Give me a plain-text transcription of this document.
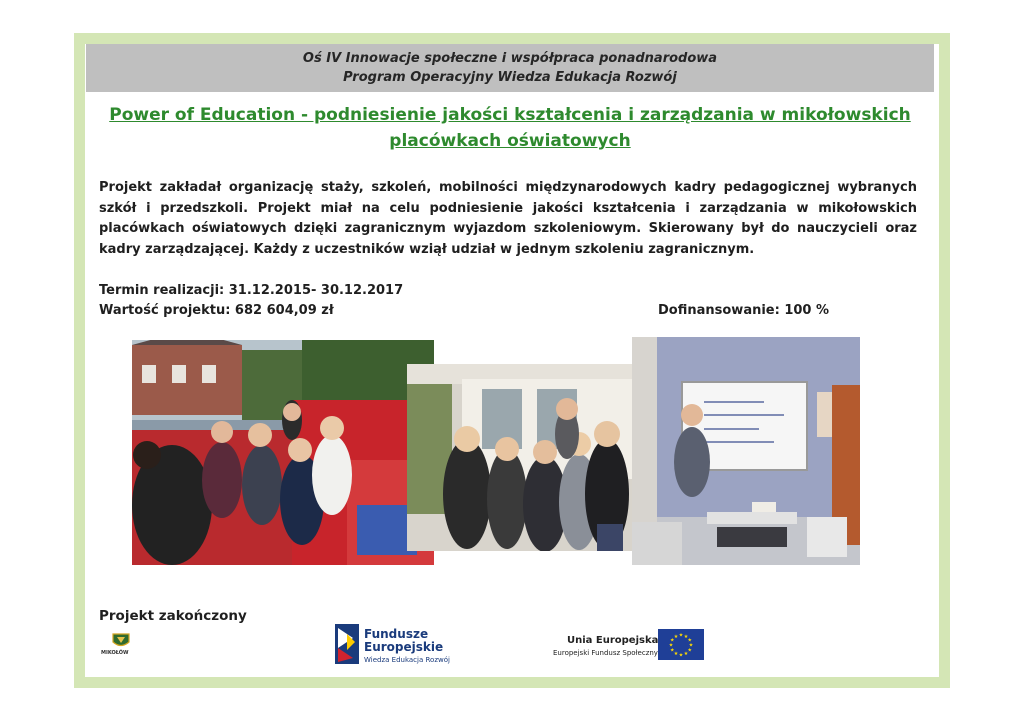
Oś IV Innowacje społeczne i współpraca ponadnarodowa
Program Operacyjny Wiedza Edukacja Rozwój
Power of Education - podniesienie jakości kształcenia i zarządzania w mikołowskich
placówkach oświatowych
Projekt zakładał organizację staży, szkoleń, mobilności międzynarodowych kadry pedagogicznej wybranych szkół i przedszkoli. Projekt miał na celu podniesienie jakości kształcenia i zarządzania w mikołowskich placówkach oświatowych dzięki zagranicznym wyjazdom szkoleniowym. Skierowany był do nauczycieli oraz kadry zarządzającej. Każdy z uczestników wziął udział w jednym szkoleniu zagranicznym.
Termin realizacji: 31.12.2015- 30.12.2017
Wartość projektu: 682 604,09 zł	Dofinansowanie: 100 %
Projekt zakończony
MIKOŁÓW
Fundusze
Europejskie
Wiedza Edukacja Rozwój
Unia Europejska
Europejski Fundusz Społeczny
★
★
★
★
★
★
★
★
★ ★ ★
★
